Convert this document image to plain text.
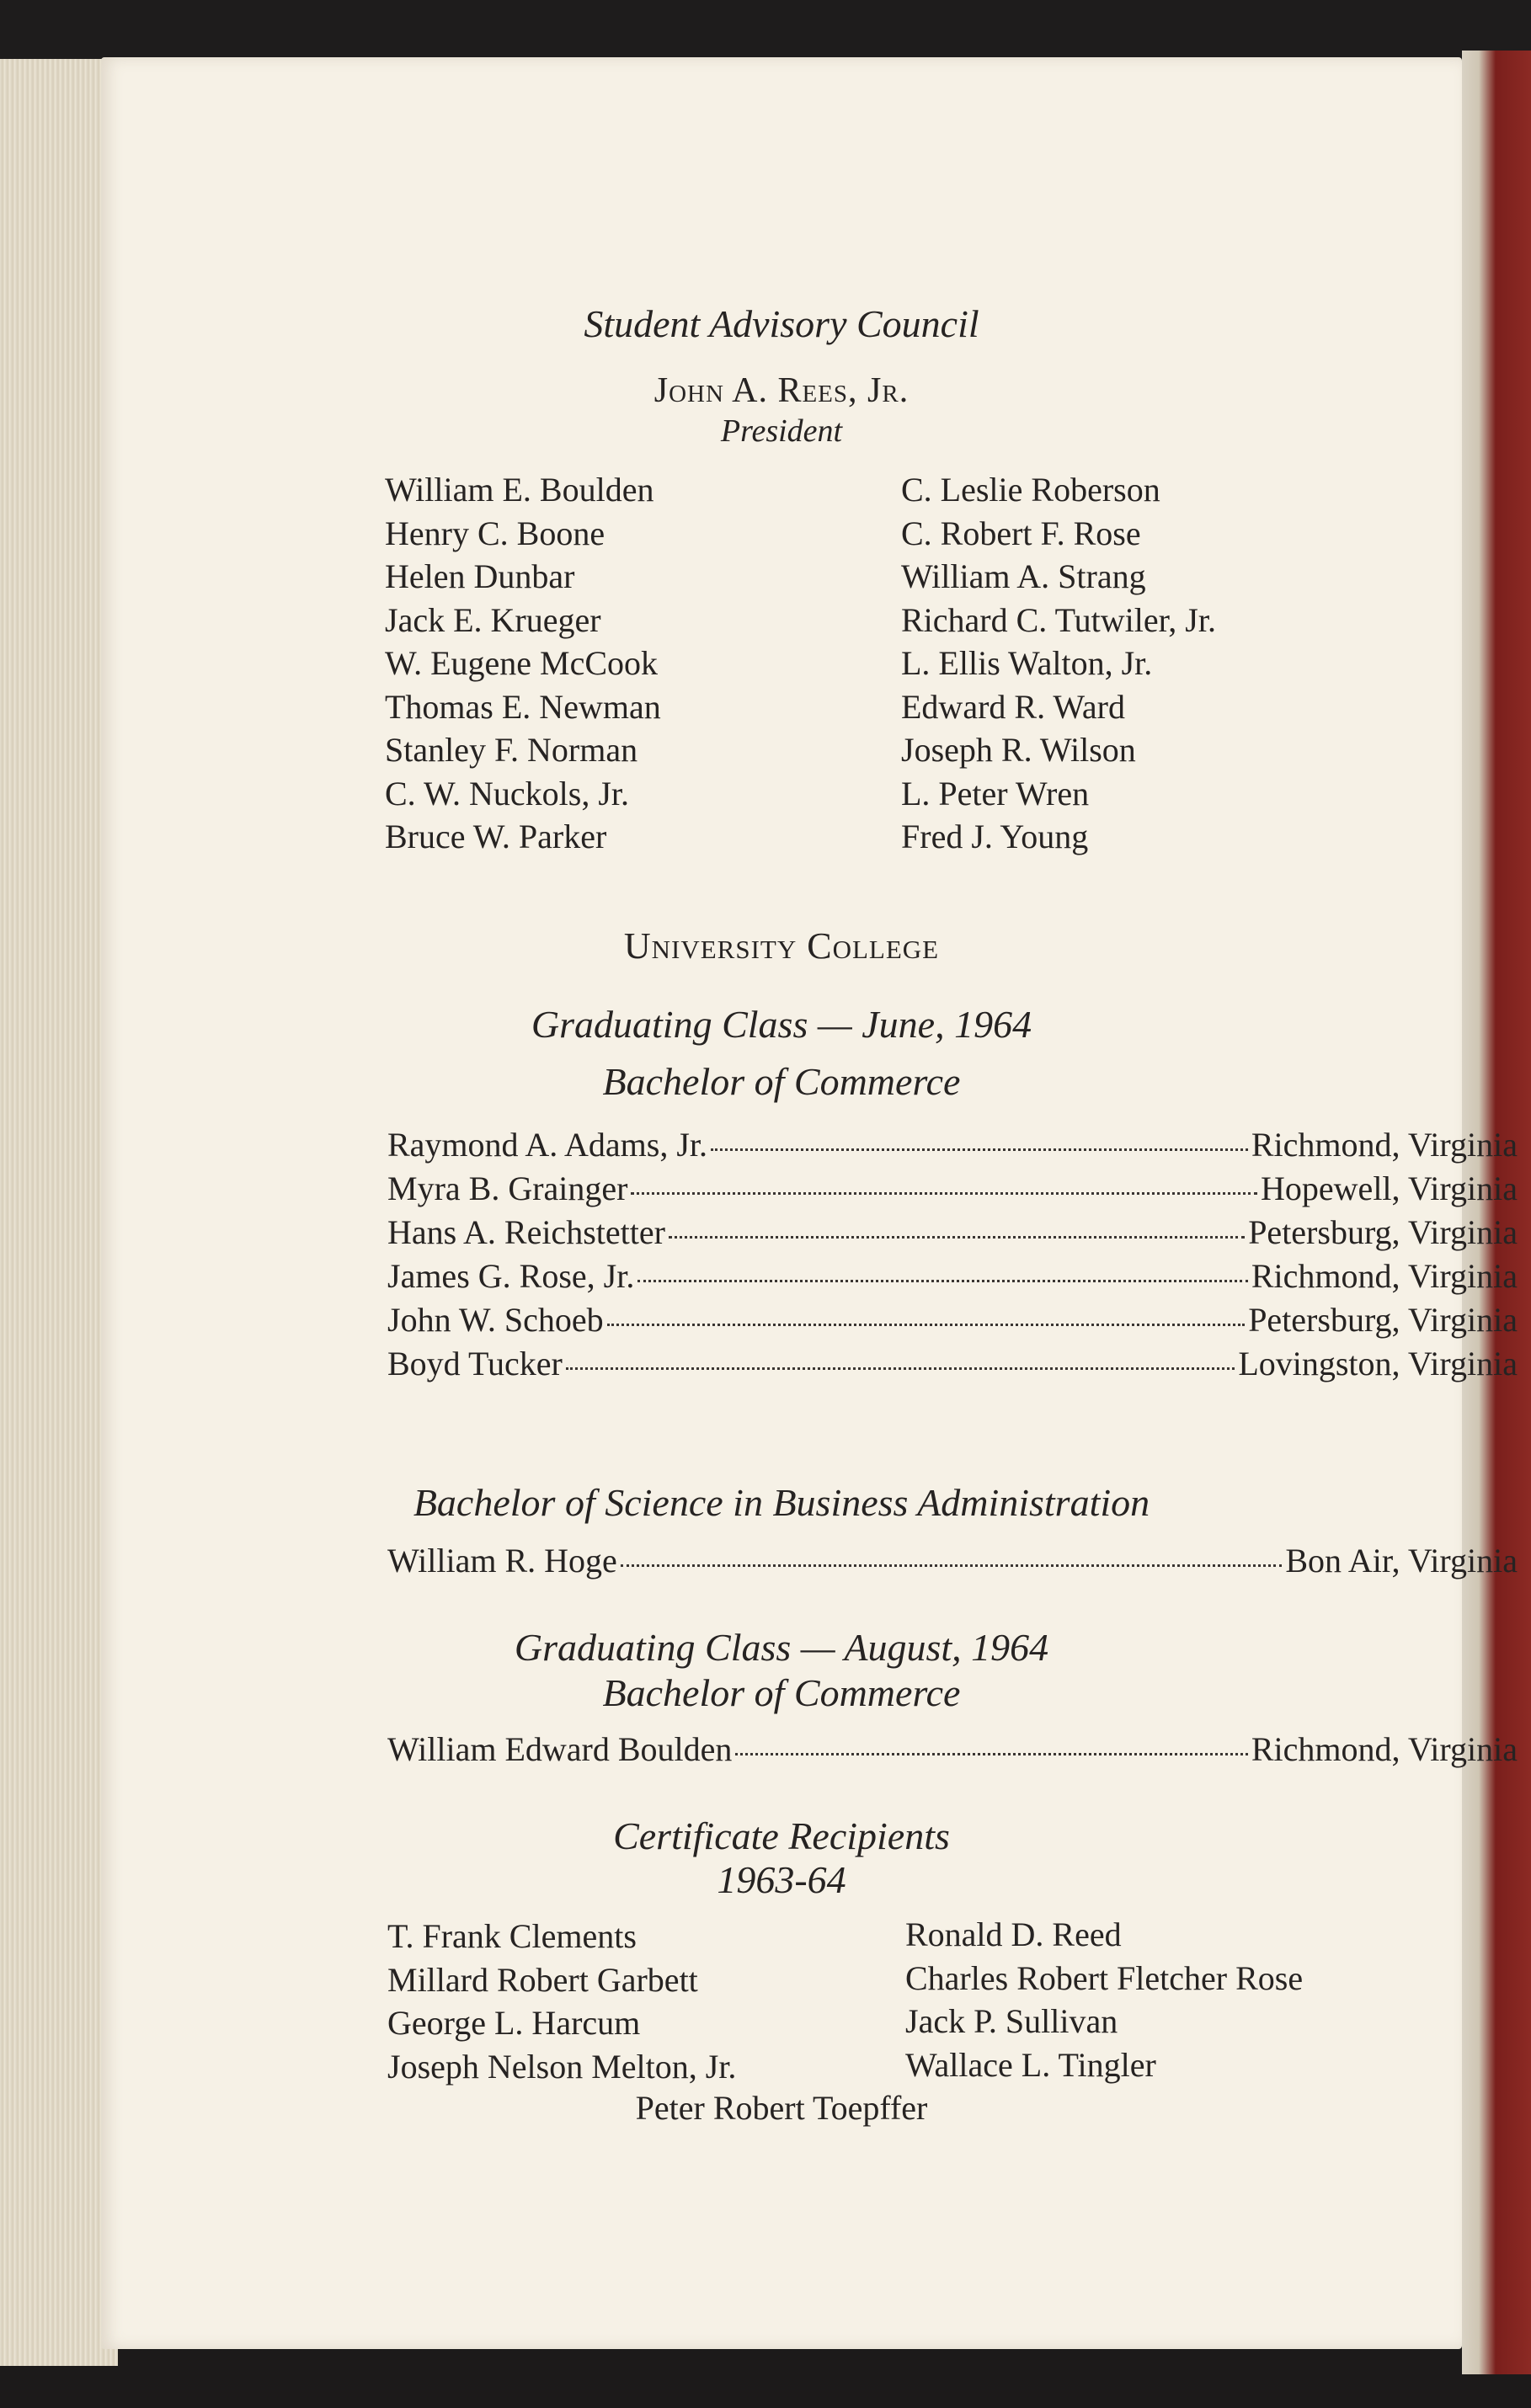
Student Advisory Council
John A. Rees, Jr.
President
William E. Boulden
Henry C. Boone
Helen Dunbar
Jack E. Krueger
W. Eugene McCook
Thomas E. Newman
Stanley F. Norman
C. W. Nuckols, Jr.
Bruce W. Parker
C. Leslie Roberson
C. Robert F. Rose
William A. Strang
Richard C. Tutwiler, Jr.
L. Ellis Walton, Jr.
Edward R. Ward
Joseph R. Wilson
L. Peter Wren
Fred J. Young
University College
Graduating Class — June, 1964
Bachelor of Commerce
Raymond A. Adams, Jr.	Richmond, Virginia
Myra B. Grainger	Hopewell, Virginia
Hans A. Reichstetter	Petersburg, Virginia
James G. Rose, Jr.	Richmond, Virginia
John W. Schoeb	Petersburg, Virginia
Boyd Tucker	Lovingston, Virginia
Bachelor of Science in Business Administration
William R. Hoge	Bon Air, Virginia
Graduating Class — August, 1964
Bachelor of Commerce
William Edward Boulden	Richmond, Virginia
Certificate Recipients
1963-64
T. Frank Clements
Millard Robert Garbett
George L. Harcum
Joseph Nelson Melton, Jr.
Ronald D. Reed
Charles Robert Fletcher Rose
Jack P. Sullivan
Wallace L. Tingler
Peter Robert Toepffer
